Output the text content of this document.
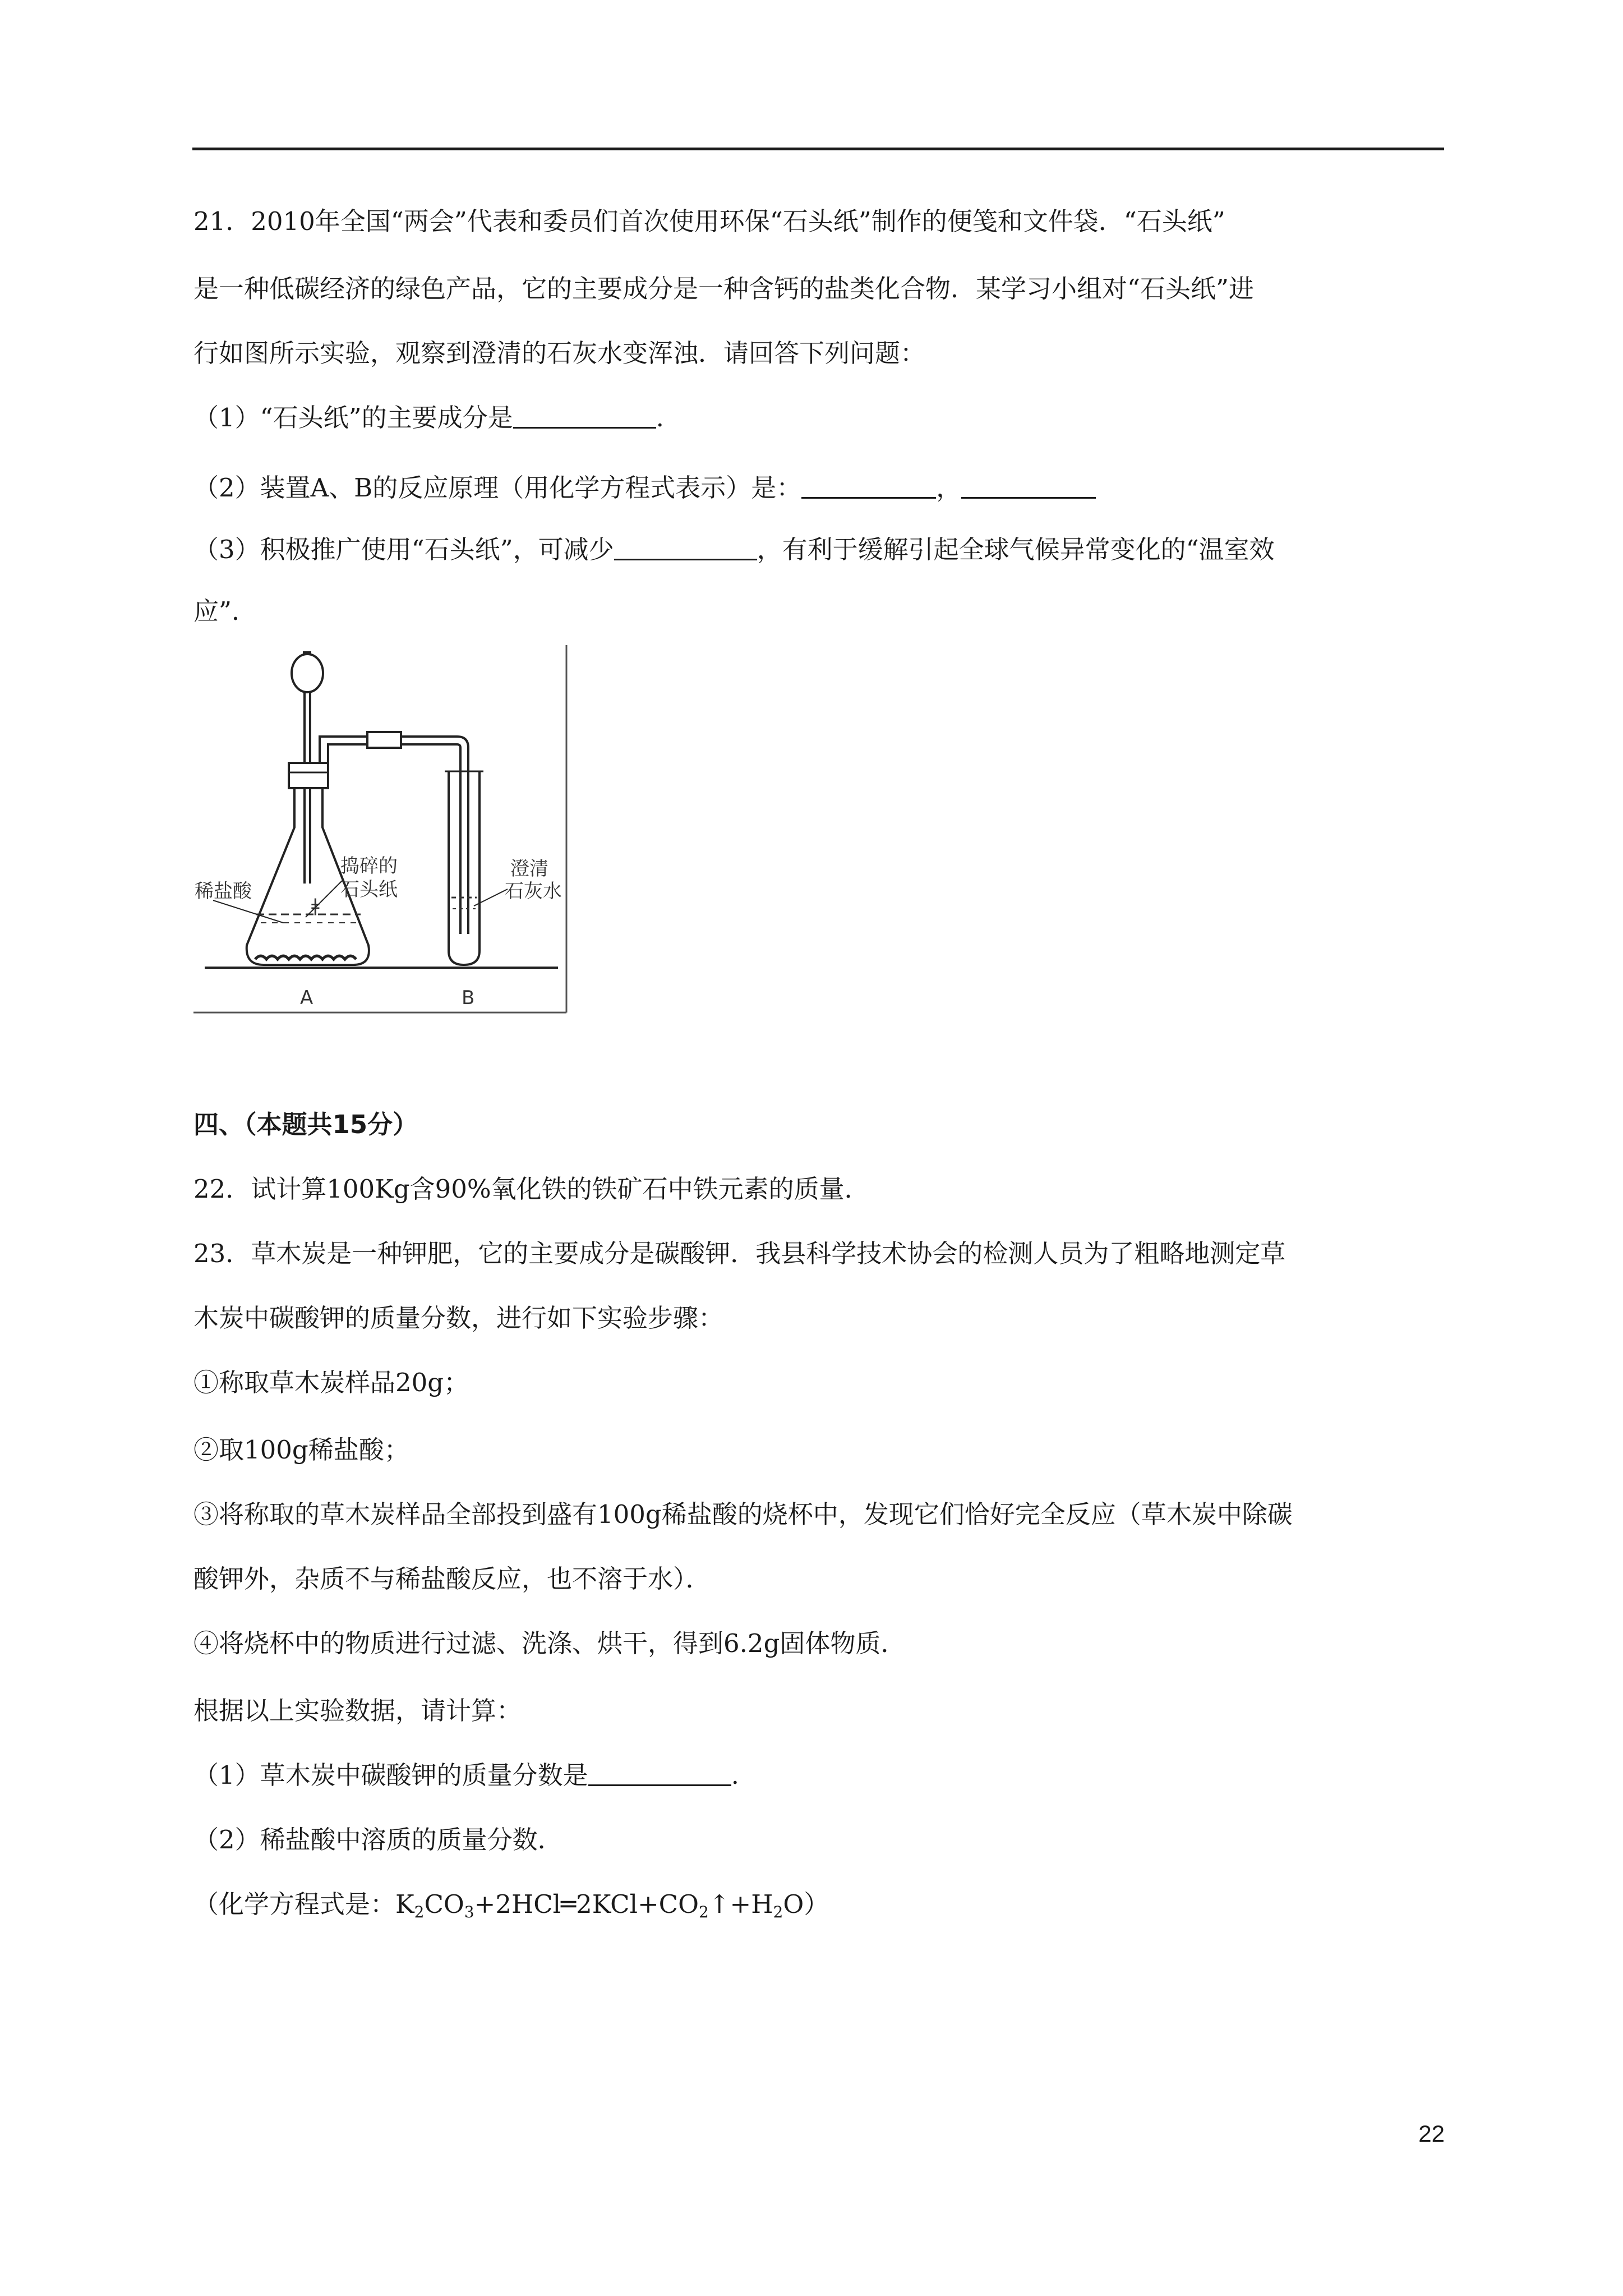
21．2010年全国“两会”代表和委员们首次使用环保“石头纸”制作的便笺和文件袋．“石头纸”
是一种低碳经济的绿色产品，它的主要成分是一种含钙的盐类化合物．某学习小组对“石头纸”进
行如图所示实验，观察到澄清的石灰水变浑浊．请回答下列问题：
（1）“石头纸”的主要成分是	.
（2）装置A、B的反应原理（用化学方程式表示）是：	，
（3）积极推广使用“石头纸”，可减少	，有利于缓解引起全球气候异常变化的“温室效
应”．
ǂ
稀盐酸
捣碎的
石头纸
澄清
石灰水
A	B
四、（本题共15分）
22．试计算100Kg含90%氧化铁的铁矿石中铁元素的质量．
23．草木炭是一种钾肥，它的主要成分是碳酸钾．我县科学技术协会的检测人员为了粗略地测定草
木炭中碳酸钾的质量分数，进行如下实验步骤：
①称取草木炭样品20g；
②取100g稀盐酸；
③将称取的草木炭样品全部投到盛有100g稀盐酸的烧杯中，发现它们恰好完全反应（草木炭中除碳
酸钾外，杂质不与稀盐酸反应，也不溶于水）．
④将烧杯中的物质进行过滤、洗涤、烘干，得到6.2g固体物质．
根据以上实验数据，请计算：
（1）草木炭中碳酸钾的质量分数是	.
（2）稀盐酸中溶质的质量分数．
（化学方程式是：$K_2CO_3+2HCl═2KCl+CO_2↑+H_2O$）
22
